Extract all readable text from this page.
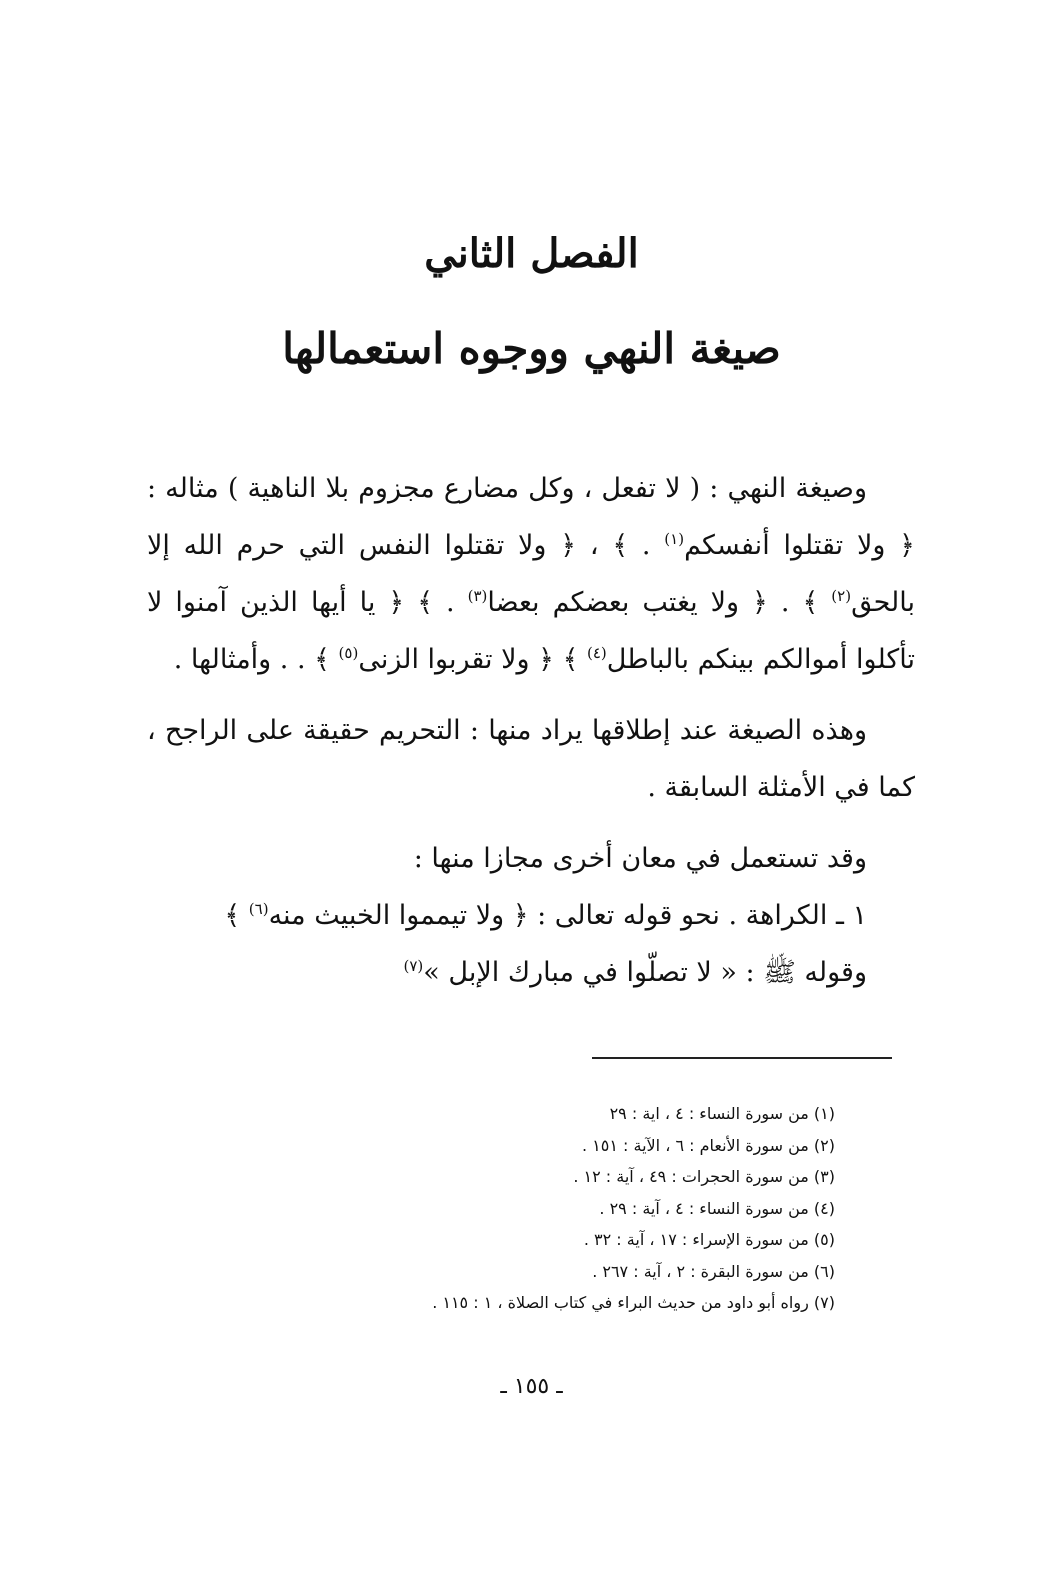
الفصل الثاني
صيغة النهي ووجوه استعمالها

وصيغة النهي : ( لا تفعل ، وكل مضارع مجزوم بلا الناهية ) مثاله : ﴿ ولا تقتلوا أنفسكم$^{(١)}$ . ﴾ ، ﴿ ولا تقتلوا النفس التي حرم الله إلا بالحق$^{(٢)}$ ﴾ . ﴿ ولا يغتب بعضكم بعضا$^{(٣)}$ . ﴾ ﴿ يا أيها الذين آمنوا لا تأكلوا أموالكم بينكم بالباطل$^{(٤)}$ ﴾ ﴿ ولا تقربوا الزنى$^{(٥)}$ ﴾ . . وأمثالها .

وهذه الصيغة عند إطلاقها يراد منها : التحريم حقيقة على الراجح ، كما في الأمثلة السابقة .

وقد تستعمل في معان أخرى مجازا منها :

١ ـ الكراهة . نحو قوله تعالى : ﴿ ولا تيمموا الخبيث منه$^{(٦)}$ ﴾

وقوله ﷺ : « لا تصلّوا في مبارك الإبل »$^{(٧)}$

(١) من سورة النساء : ٤ ، اية : ٢٩
(٢) من سورة الأنعام : ٦ ، الآية : ١٥١ .
(٣) من سورة الحجرات : ٤٩ ، آية : ١٢ .
(٤) من سورة النساء : ٤ ، آية : ٢٩ .
(٥) من سورة الإسراء : ١٧ ، آية : ٣٢ .
(٦) من سورة البقرة : ٢ ، آية : ٢٦٧ .
(٧) رواه أبو داود من حديث البراء في كتاب الصلاة ، ١ : ١١٥ .
ـ ١٥٥ ـ
